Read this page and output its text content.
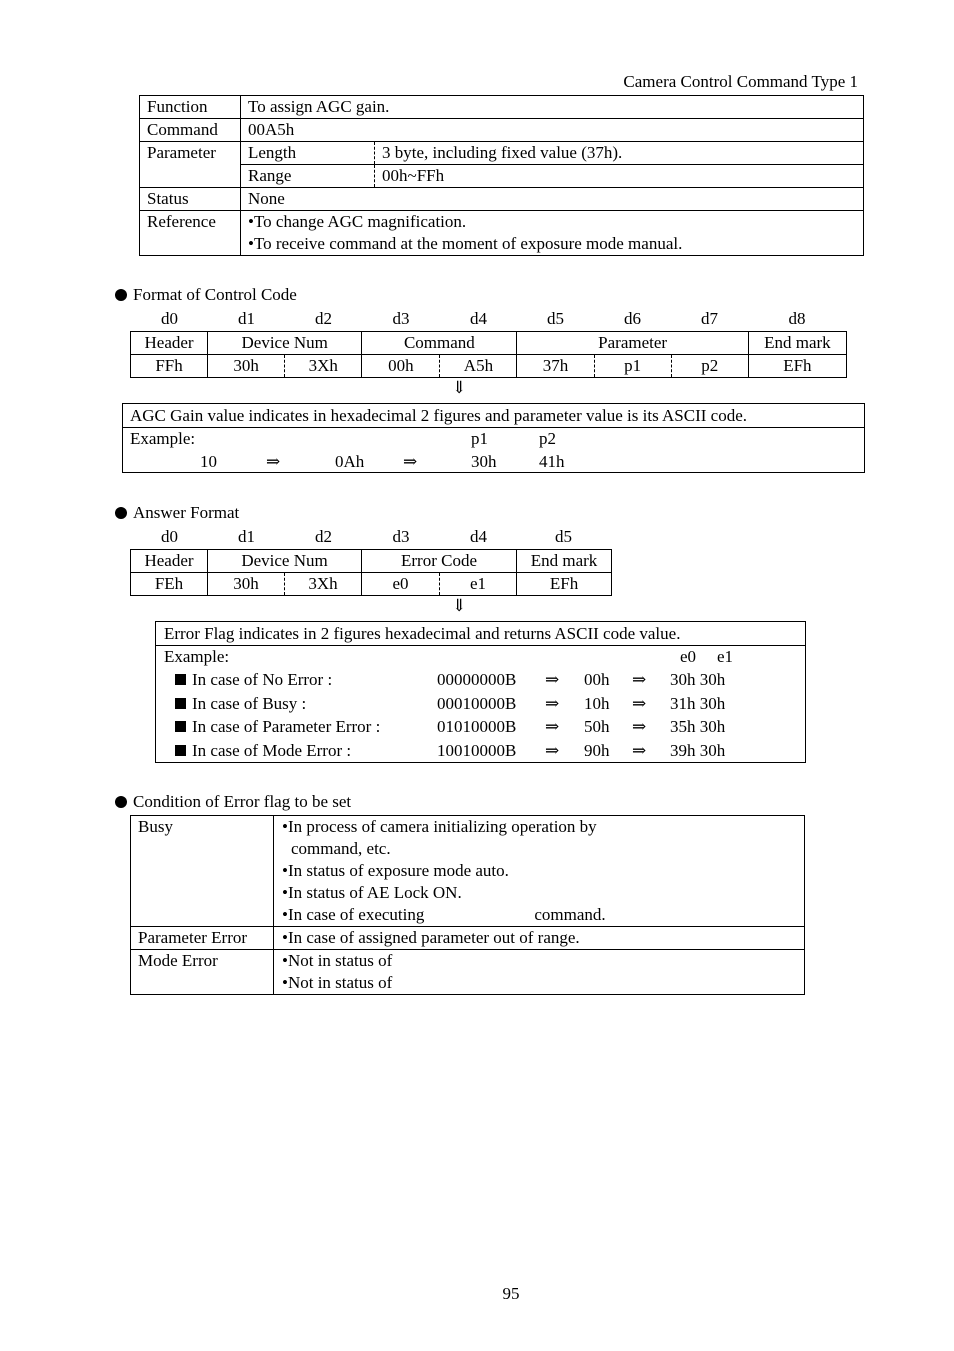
Camera Control Command Type 1
Function	To assign AGC gain.	
Command	00A5h	
Parameter	Length	3 byte, including fixed value (37h).
	Range	00h~FFh
Status	None	
Reference	•To change AGC magnification.
•To receive command at the moment of exposure mode manual.	
Format of Control Code
d0	d1	d2	d3	d4	d5	d6	d7	d8
Header	Device Num		Command		Parameter			End mark
FFh	30h	3Xh	00h	A5h	37h	p1	p2	EFh
⇓
AGC Gain value indicates in hexadecimal 2 figures and parameter value is its ASCII code.
Example:	p1	p2
10	⇒	0Ah ⇒	30h	41h
Answer Format
d0	d1	d2	d3	d4	d5
Header	Device Num		Error Code		End mark
FEh	30h	3Xh	e0	e1	EFh
⇓
Error Flag indicates in 2 figures hexadecimal and returns ASCII code value.
Example:	e0 e1
In case of No Error :	00000000B ⇒ 00h ⇒ 30h 30h
In case of Busy :	00010000B ⇒ 10h ⇒ 31h 30h
In case of Parameter Error :	01010000B ⇒ 50h ⇒ 35h 30h
In case of Mode Error :	10010000B ⇒ 90h ⇒ 39h 30h
Condition of Error flag to be set
Busy	•In process of camera initializing operation by
command, etc.
•In status of exposure mode auto.
•In status of AE Lock ON.
•In case of executing command.

Parameter Error	•In case of assigned parameter out of range.
Mode Error	•Not in status of
•Not in status of
95
